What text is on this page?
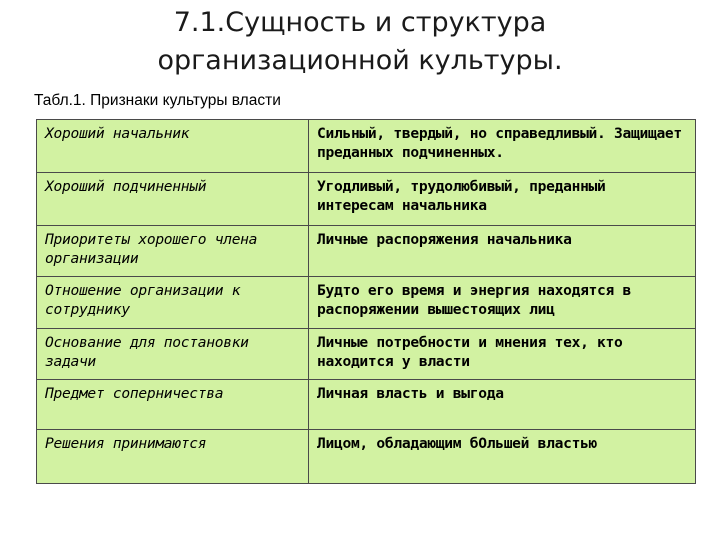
7.1.Сущность и структура организационной культуры.

Табл.1. Признаки культуры власти

Хороший начальник	Сильный, твердый, но справедливый. Защищает преданных подчиненных.
Хороший подчиненный	Угодливый, трудолюбивый, преданный интересам начальника
Приоритеты хорошего члена организации	Личные распоряжения начальника
Отношение организации к сотруднику	Будто его время и энергия находятся в распоряжении вышестоящих лиц
Основание для постановки задачи	Личные потребности и мнения тех, кто находится у власти
Предмет соперничества	Личная власть и выгода
Решения принимаются	Лицом, обладающим бОльшей властью
